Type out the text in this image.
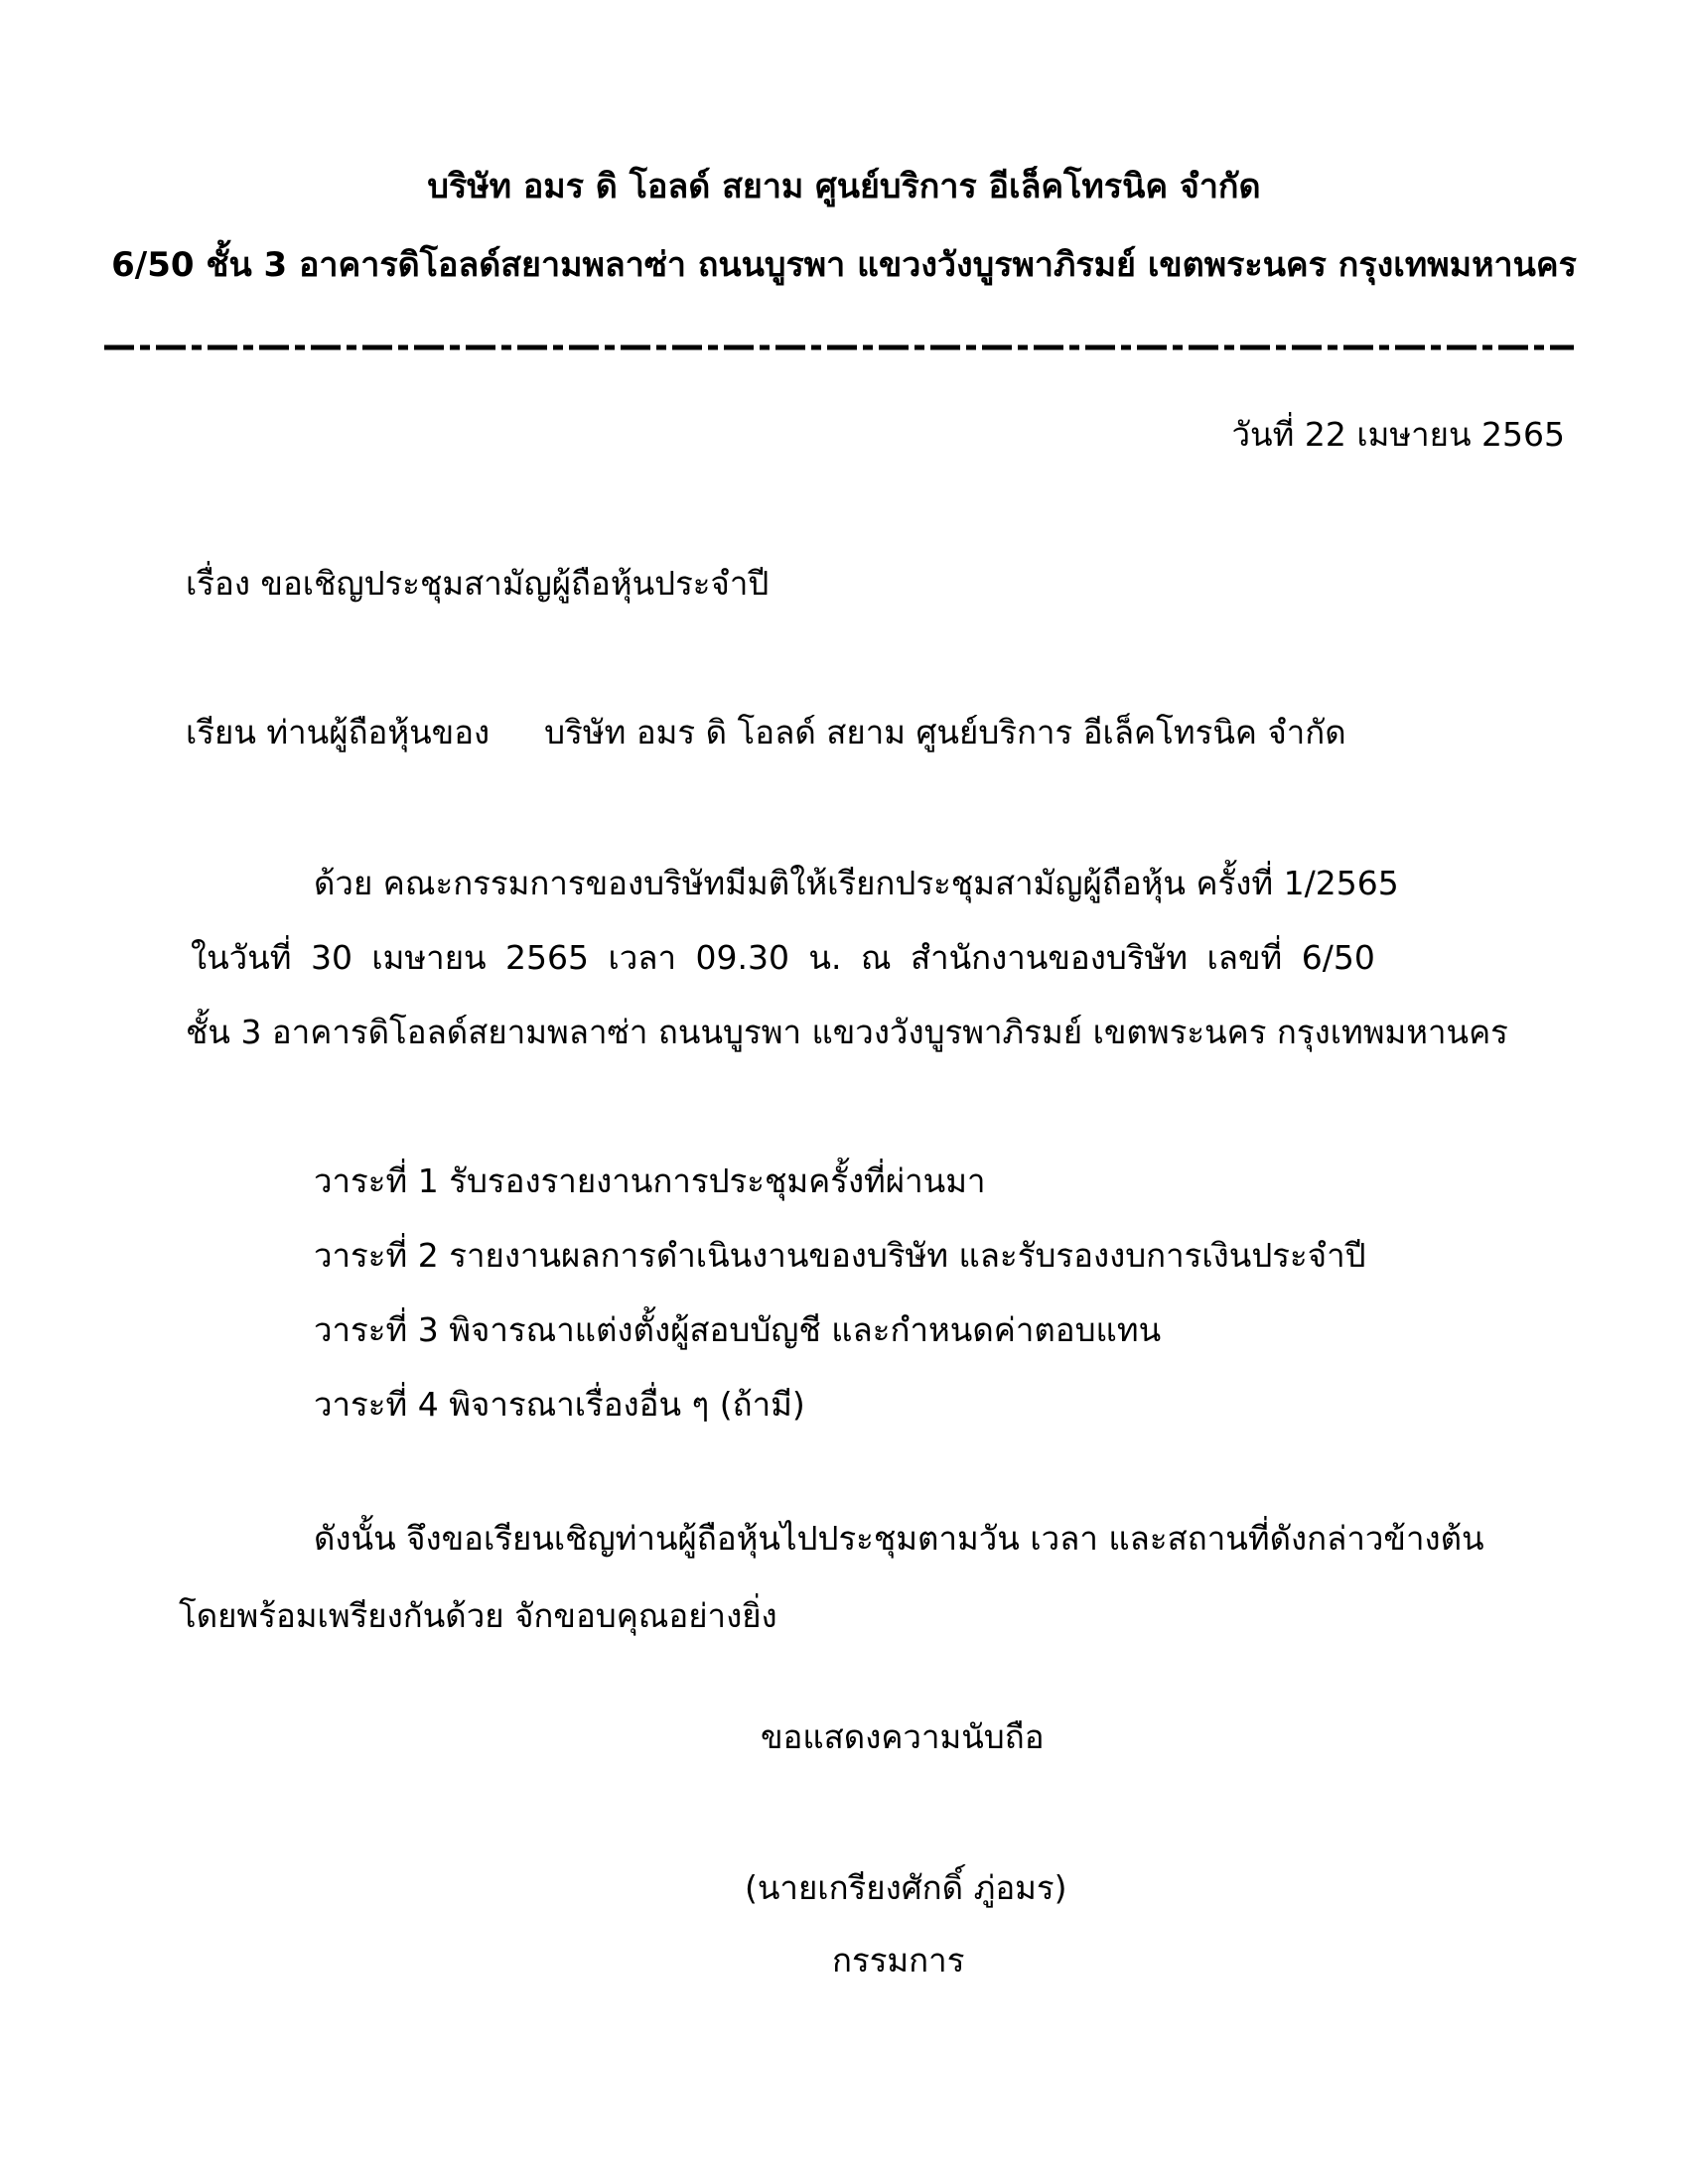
บริษัท อมร ดิ โอลด์ สยาม ศูนย์บริการ อีเล็คโทรนิค จำกัด
6/50 ชั้น 3 อาคารดิโอลด์สยามพลาซ่า ถนนบูรพา แขวงวังบูรพาภิรมย์ เขตพระนคร กรุงเทพมหานคร
วันที่ 22 เมษายน 2565
เรื่อง ขอเชิญประชุมสามัญผู้ถือหุ้นประจำปี
เรียน ท่านผู้ถือหุ้นของ บริษัท อมร ดิ โอลด์ สยาม ศูนย์บริการ อีเล็คโทรนิค จำกัด
ด้วย คณะกรรมการของบริษัทมีมติให้เรียกประชุมสามัญผู้ถือหุ้น ครั้งที่ 1/2565
ในวันที่ 30 เมษายน 2565 เวลา 09.30 น. ณ สำนักงานของบริษัท เลขที่ 6/50
ชั้น 3 อาคารดิโอลด์สยามพลาซ่า ถนนบูรพา แขวงวังบูรพาภิรมย์ เขตพระนคร กรุงเทพมหานคร
วาระที่ 1 รับรองรายงานการประชุมครั้งที่ผ่านมา
วาระที่ 2 รายงานผลการดำเนินงานของบริษัท และรับรองงบการเงินประจำปี
วาระที่ 3 พิจารณาแต่งตั้งผู้สอบบัญชี และกำหนดค่าตอบแทน
วาระที่ 4 พิจารณาเรื่องอื่น ๆ (ถ้ามี)
ดังนั้น จึงขอเรียนเชิญท่านผู้ถือหุ้นไปประชุมตามวัน เวลา และสถานที่ดังกล่าวข้างต้น
โดยพร้อมเพรียงกันด้วย จักขอบคุณอย่างยิ่ง
ขอแสดงความนับถือ
(นายเกรียงศักดิ์ ภู่อมร)
กรรมการ
